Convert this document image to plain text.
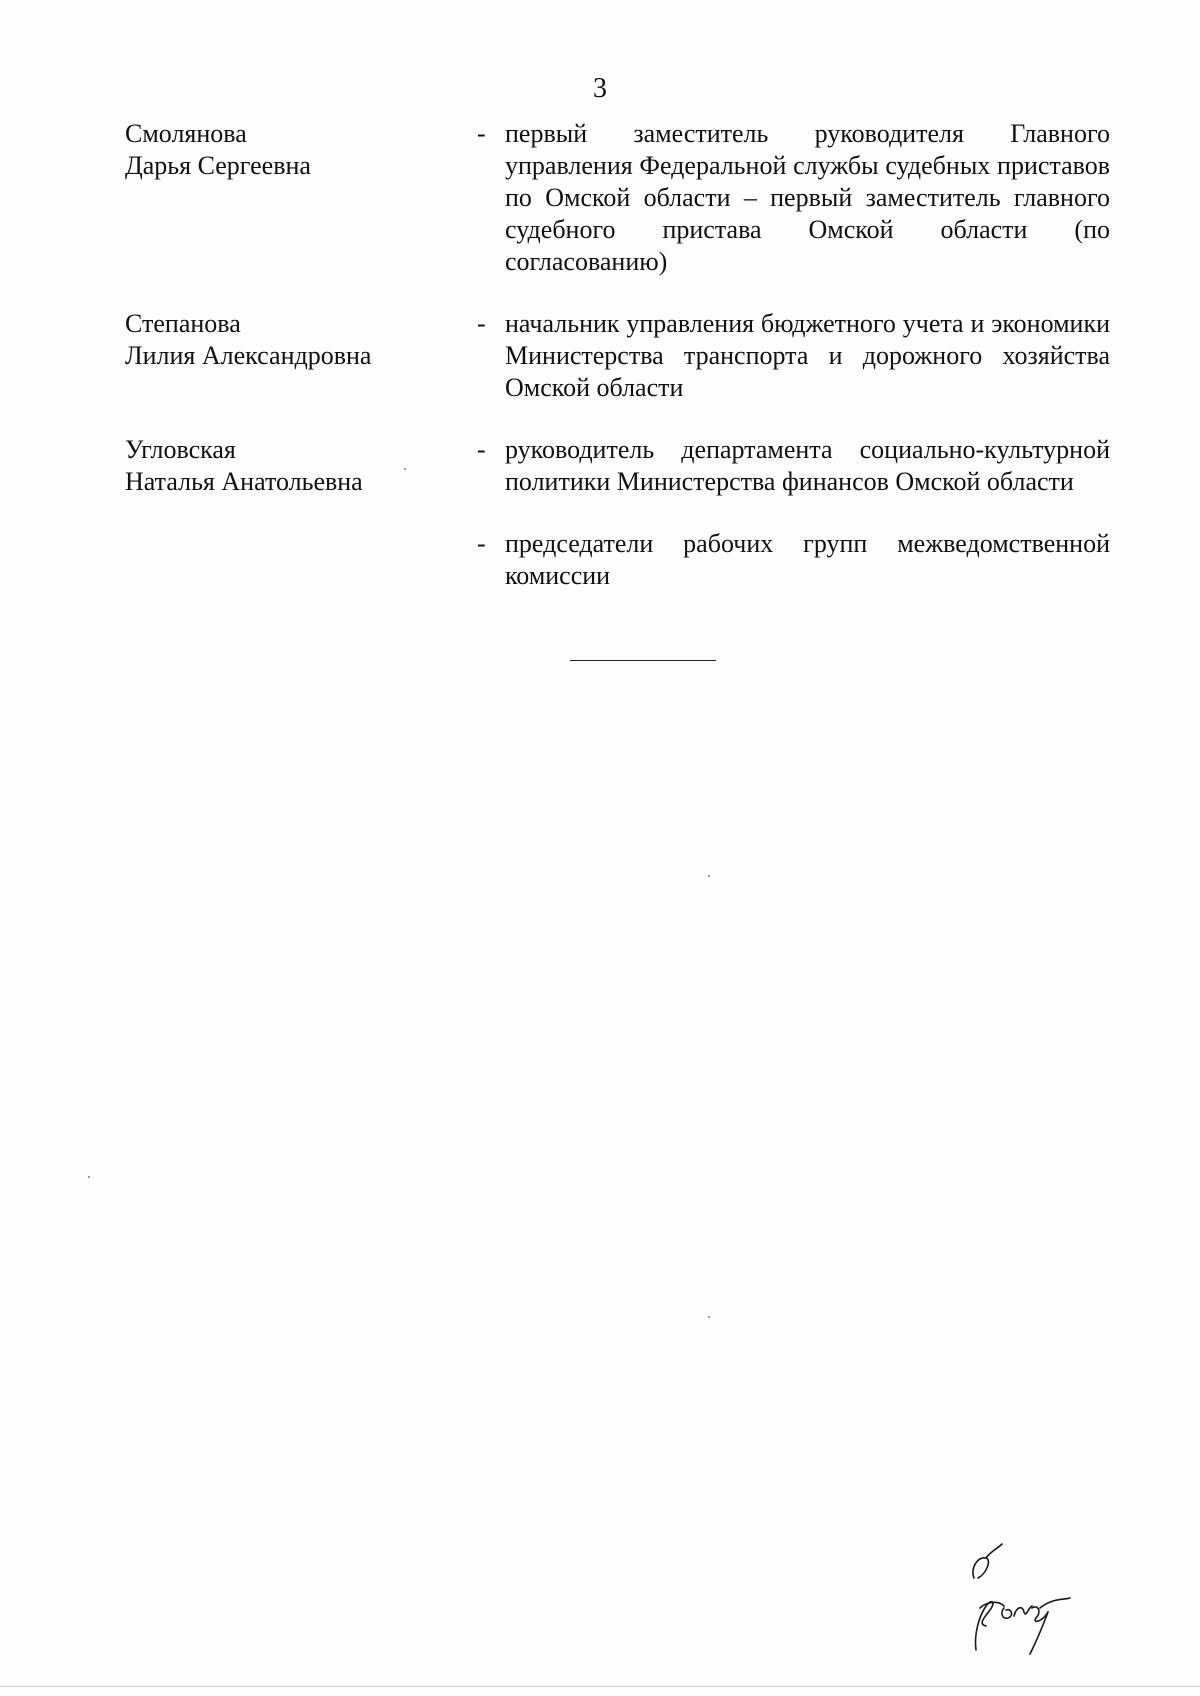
3
Смолянова
Дарья Сергеевна
- первый заместитель руководителя Главного управления Федеральной службы судебных приставов по Омской области – первый заместитель главного судебного пристава Омской области (по согласованию)
Степанова
Лилия Александровна
- начальник управления бюджетного учета и экономики Министерства транспорта и дорожного хозяйства Омской области
Угловская
Наталья Анатольевна
- руководитель департамента социально-культурной политики Министерства финансов Омской области
- председатели рабочих групп межведомственной комиссии
